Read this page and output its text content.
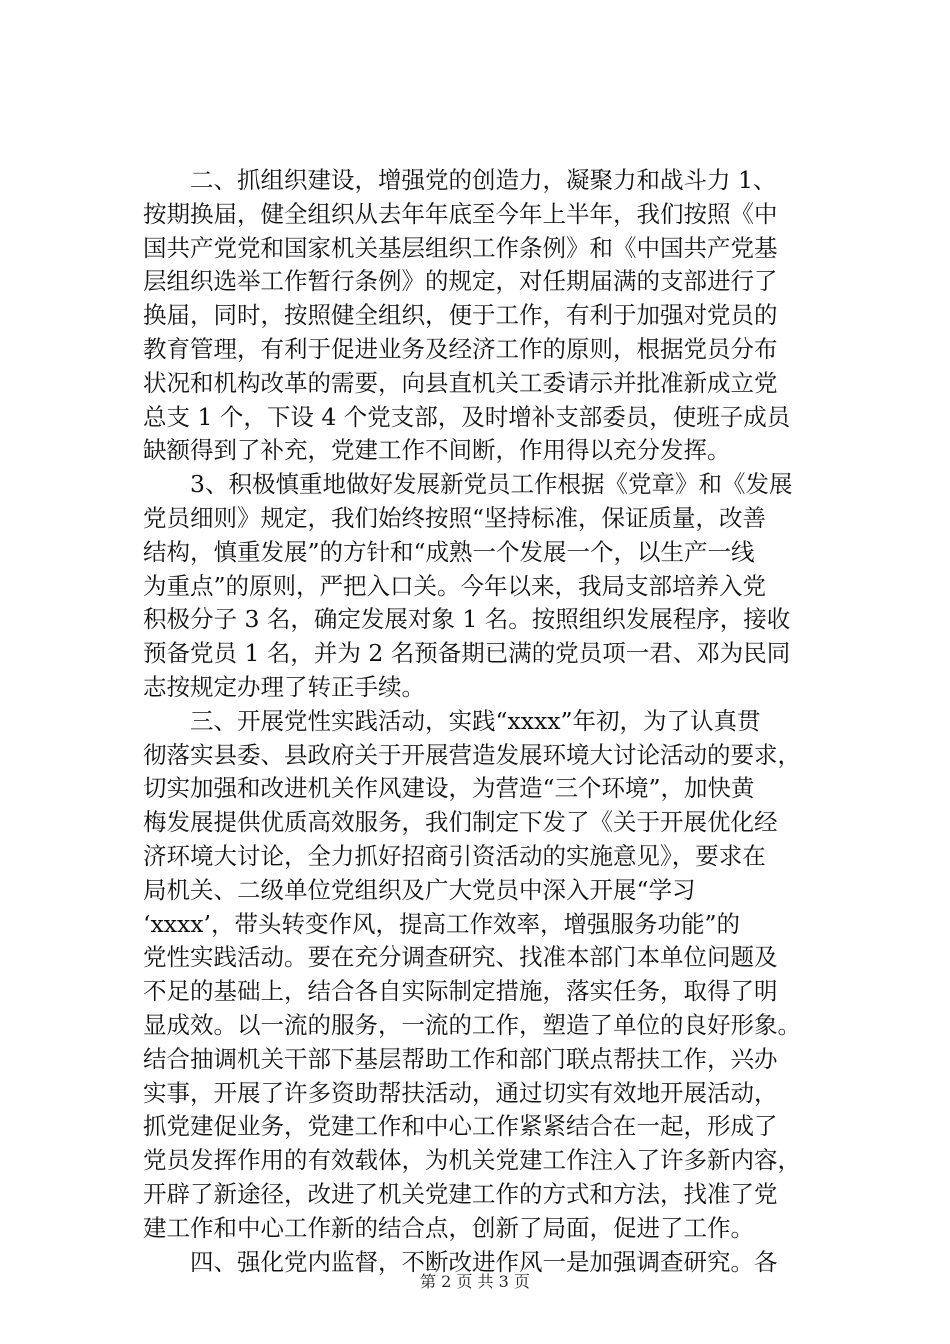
二、抓组织建设，增强党的创造力，凝聚力和战斗力 1、
按期换届，健全组织从去年年底至今年上半年，我们按照《中
国共产党党和国家机关基层组织工作条例》和《中国共产党基
层组织选举工作暂行条例》的规定，对任期届满的支部进行了
换届，同时，按照健全组织，便于工作，有利于加强对党员的
教育管理，有利于促进业务及经济工作的原则，根据党员分布
状况和机构改革的需要，向县直机关工委请示并批准新成立党
总支 1 个，下设 4 个党支部，及时增补支部委员，使班子成员
缺额得到了补充，党建工作不间断，作用得以充分发挥。
3、积极慎重地做好发展新党员工作根据《党章》和《发展
党员细则》规定，我们始终按照“坚持标准，保证质量，改善
结构，慎重发展”的方针和“成熟一个发展一个，以生产一线
为重点”的原则，严把入口关。今年以来，我局支部培养入党
积极分子 3 名，确定发展对象 1 名。按照组织发展程序，接收
预备党员 1 名，并为 2 名预备期已满的党员项一君、邓为民同
志按规定办理了转正手续。
三、开展党性实践活动，实践“xxxx”年初，为了认真贯
彻落实县委、县政府关于开展营造发展环境大讨论活动的要求，
切实加强和改进机关作风建设，为营造“三个环境”，加快黄
梅发展提供优质高效服务，我们制定下发了《关于开展优化经
济环境大讨论，全力抓好招商引资活动的实施意见》，要求在
局机关、二级单位党组织及广大党员中深入开展“学习
‘xxxx’，带头转变作风，提高工作效率，增强服务功能”的
党性实践活动。要在充分调查研究、找准本部门本单位问题及
不足的基础上，结合各自实际制定措施，落实任务，取得了明
显成效。以一流的服务，一流的工作，塑造了单位的良好形象。
结合抽调机关干部下基层帮助工作和部门联点帮扶工作，兴办
实事，开展了许多资助帮扶活动，通过切实有效地开展活动，
抓党建促业务，党建工作和中心工作紧紧结合在一起，形成了
党员发挥作用的有效载体，为机关党建工作注入了许多新内容，
开辟了新途径，改进了机关党建工作的方式和方法，找准了党
建工作和中心工作新的结合点，创新了局面，促进了工作。
四、强化党内监督，不断改进作风一是加强调查研究。各
第 2 页 共 3 页
